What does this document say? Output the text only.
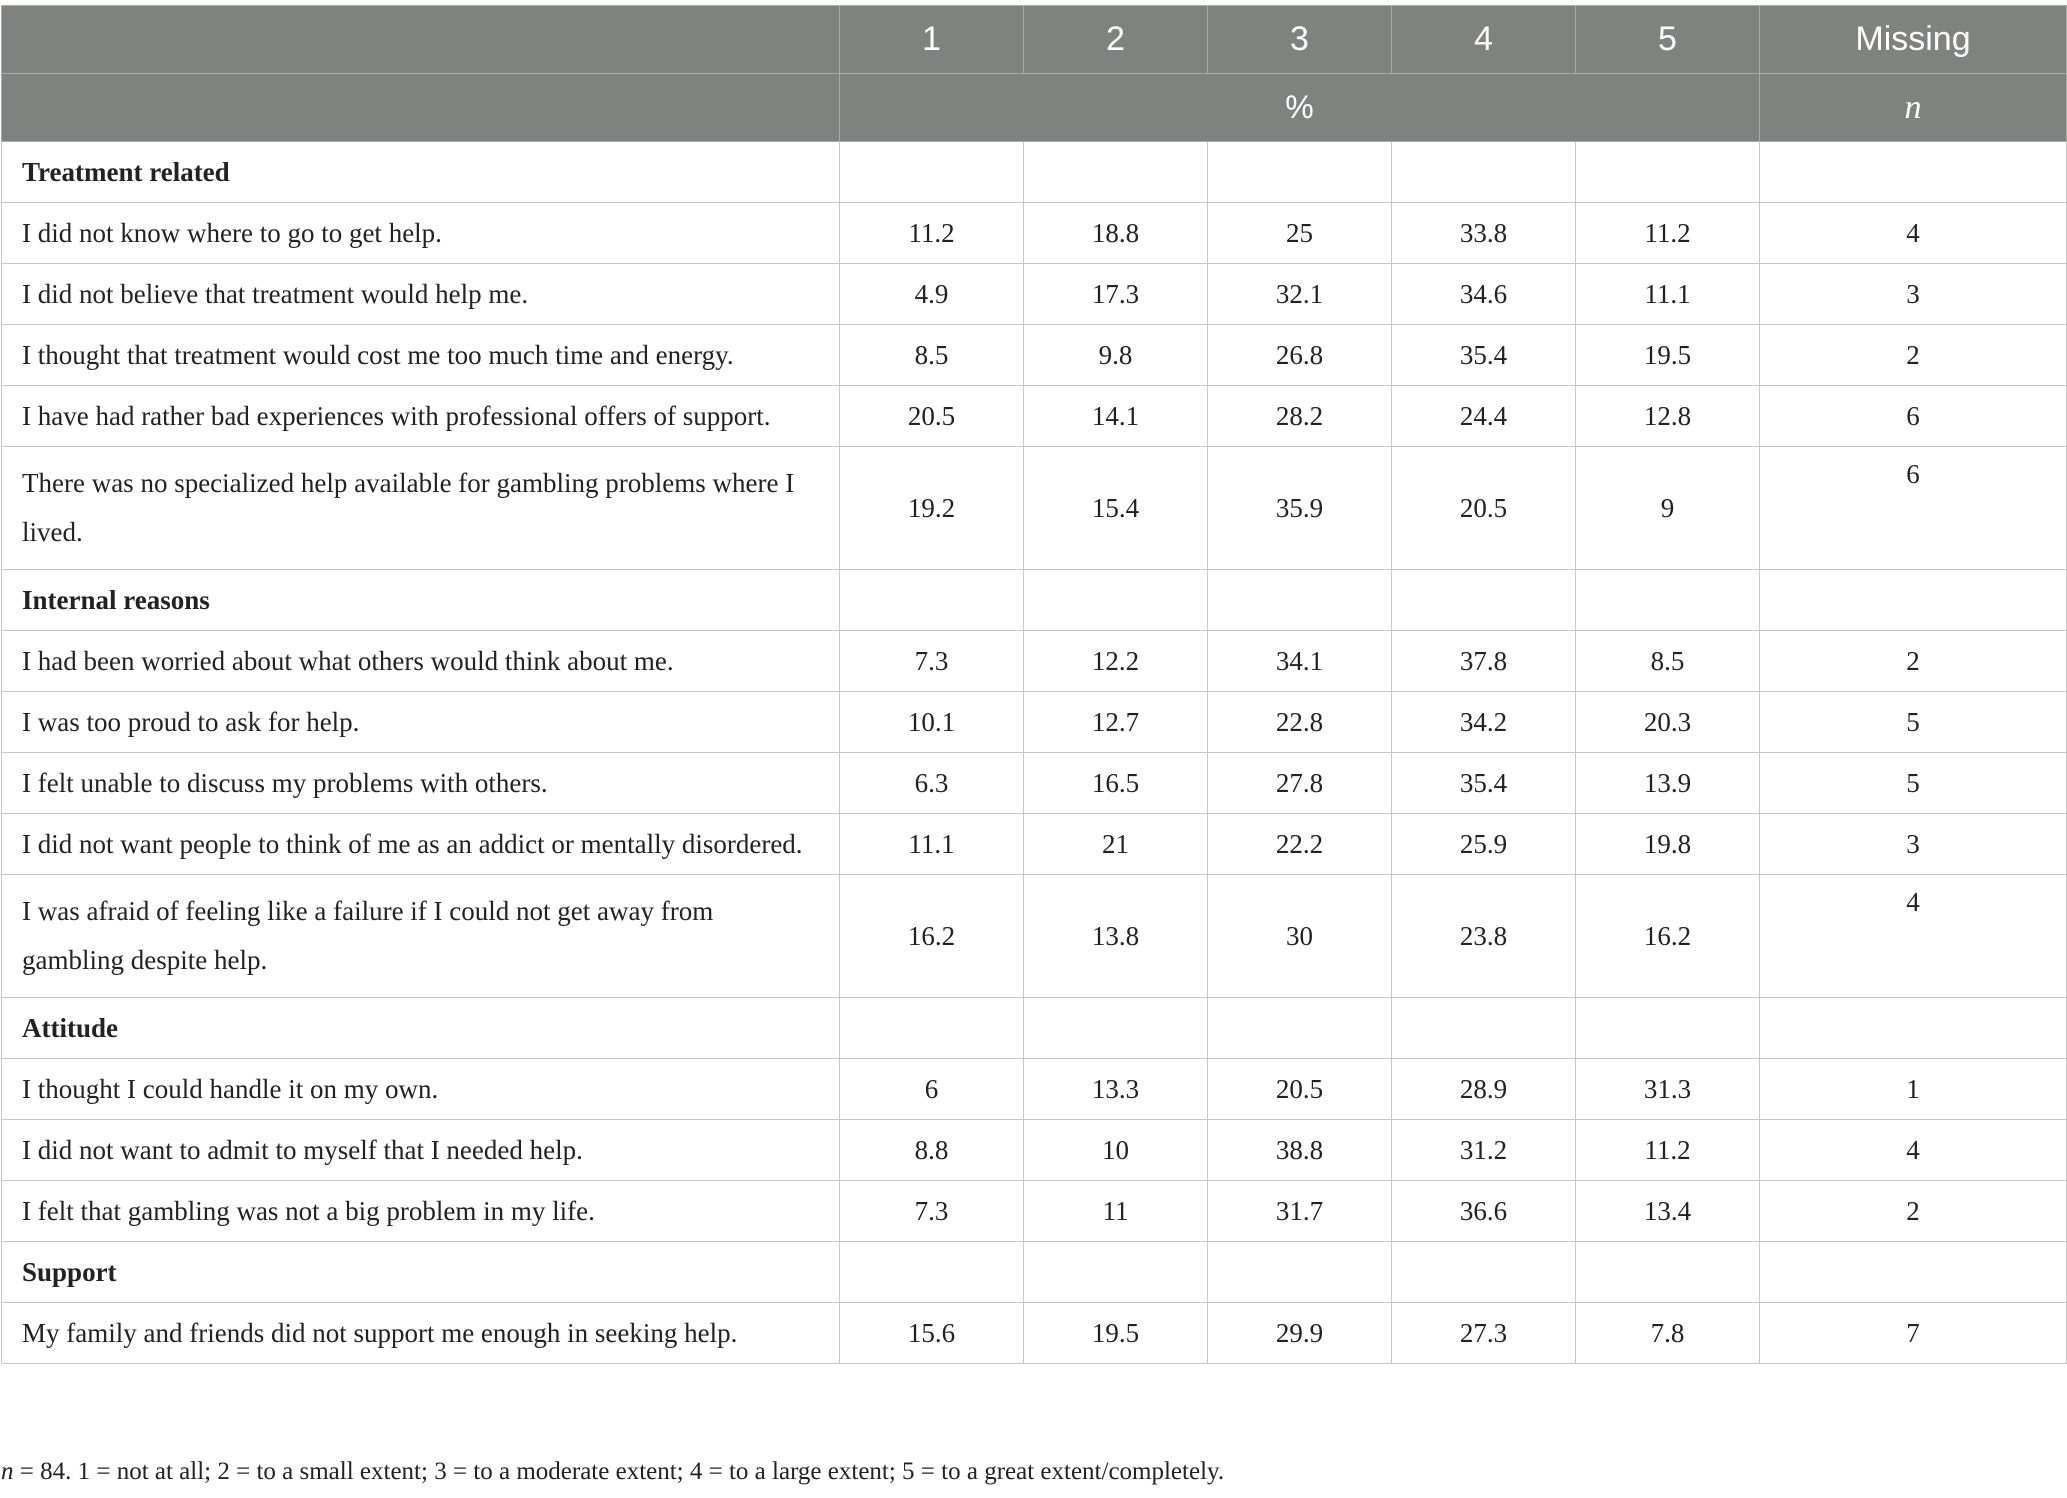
	1	2	3	4	5	Missing
	%					n
Treatment related						
I did not know where to go to get help.	11.2	18.8	25	33.8	11.2	4
I did not believe that treatment would help me.	4.9	17.3	32.1	34.6	11.1	3
I thought that treatment would cost me too much time and energy.	8.5	9.8	26.8	35.4	19.5	2
I have had rather bad experiences with professional offers of support.	20.5	14.1	28.2	24.4	12.8	6
There was no specialized help available for gambling problems where I lived.	19.2	15.4	35.9	20.5	9	6
Internal reasons						
I had been worried about what others would think about me.	7.3	12.2	34.1	37.8	8.5	2
I was too proud to ask for help.	10.1	12.7	22.8	34.2	20.3	5
I felt unable to discuss my problems with others.	6.3	16.5	27.8	35.4	13.9	5
I did not want people to think of me as an addict or mentally disordered.	11.1	21	22.2	25.9	19.8	3
I was afraid of feeling like a failure if I could not get away from gambling despite help.	16.2	13.8	30	23.8	16.2	4
Attitude						
I thought I could handle it on my own.	6	13.3	20.5	28.9	31.3	1
I did not want to admit to myself that I needed help.	8.8	10	38.8	31.2	11.2	4
I felt that gambling was not a big problem in my life.	7.3	11	31.7	36.6	13.4	2
Support						
My family and friends did not support me enough in seeking help.	15.6	19.5	29.9	27.3	7.8	7
n = 84. 1 = not at all; 2 = to a small extent; 3 = to a moderate extent; 4 = to a large extent; 5 = to a great extent/completely.
